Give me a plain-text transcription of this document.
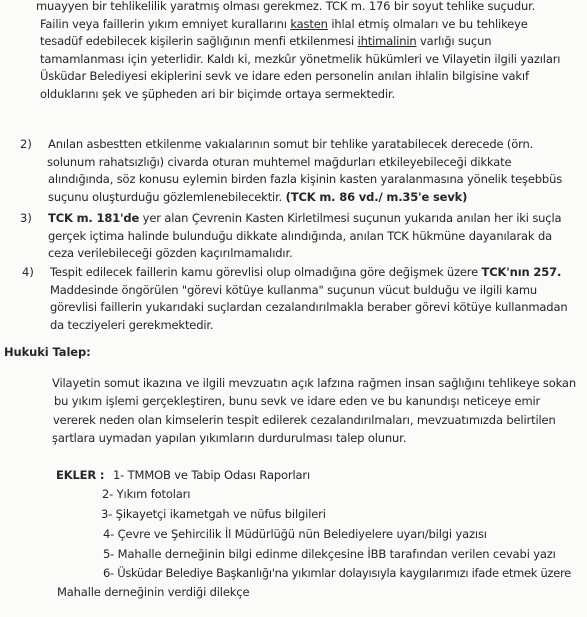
muayyen bir tehlikelilik yaratmış olması gerekmez. TCK m. 176 bir soyut tehlike suçudur.
Failin veya faillerin yıkım emniyet kurallarını kasten ihlal etmiş olmaları ve bu tehlikeye
tesadüf edebilecek kişilerin sağlığının menfi etkilenmesi ihtimalinin varlığı suçun
tamamlanması için yeterlidir. Kaldı ki, mezkûr yönetmelik hükümleri ve Vilayetin ilgili yazıları
Üsküdar Belediyesi ekiplerini sevk ve idare eden personelin anılan ihlalin bilgisine vakıf
olduklarını şek ve şüpheden ari bir biçimde ortaya sermektedir.
2) Anılan asbestten etkilenme vakıalarının somut bir tehlike yaratabilecek derecede (örn.
solunum rahatsızlığı) civarda oturan muhtemel mağdurları etkileyebileceği dikkate
alındığında, söz konusu eylemin birden fazla kişinin kasten yaralanmasına yönelik teşebbüs
suçunu oluşturduğu gözlemlenebilecektir. (TCK m. 86 vd./ m.35'e sevk)
3) TCK m. 181'de yer alan Çevrenin Kasten Kirletilmesi suçunun yukarıda anılan her iki suçla
gerçek içtima halinde bulunduğu dikkate alındığında, anılan TCK hükmüne dayanılarak da
ceza verilebileceği gözden kaçırılmamalıdır.
4) Tespit edilecek faillerin kamu görevlisi olup olmadığına göre değişmek üzere TCK'nın 257.
Maddesinde öngörülen "görevi kötüye kullanma" suçunun vücut bulduğu ve ilgili kamu
görevlisi faillerin yukarıdaki suçlardan cezalandırılmakla beraber görevi kötüye kullanmadan
da tecziyeleri gerekmektedir.
Hukuki Talep:
Vilayetin somut ikazına ve ilgili mevzuatın açık lafzına rağmen insan sağlığını tehlikeye sokan
bu yıkım işlemi gerçekleştiren, bunu sevk ve idare eden ve bu kanundışı neticeye emir
vererek neden olan kimselerin tespit edilerek cezalandırılmaları, mevzuatımızda belirtilen
şartlara uymadan yapılan yıkımların durdurulması talep olunur.
EKLER : 1- TMMOB ve Tabip Odası Raporları
2- Yıkım fotoları
3- Şikayetçi ikametgah ve nüfus bilgileri
4- Çevre ve Şehircilik İl Müdürlüğü nün Belediyelere uyarı/bilgi yazısı
5- Mahalle derneğinin bilgi edinme dilekçesine İBB tarafından verilen cevabi yazı
6- Üsküdar Belediye Başkanlığı'na yıkımlar dolayısıyla kaygılarımızı ifade etmek üzere
Mahalle derneğinin verdiği dilekçe
